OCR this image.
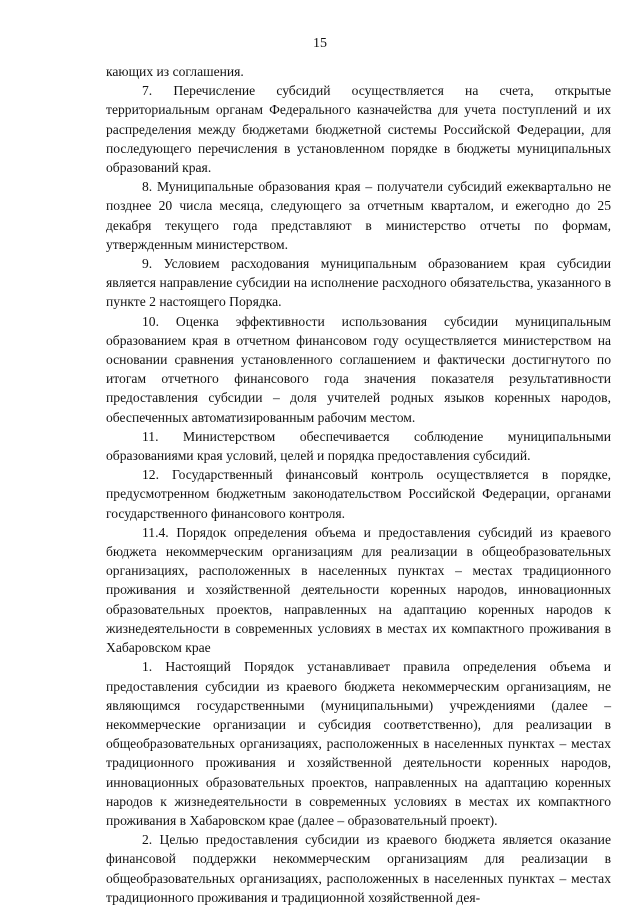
15

кающих из соглашения.

7. Перечисление субсидий осуществляется на счета, открытые территориальным органам Федерального казначейства для учета поступлений и их распределения между бюджетами бюджетной системы Российской Федерации, для последующего перечисления в установленном порядке в бюджеты муниципальных образований края.

8. Муниципальные образования края – получатели субсидий ежеквартально не позднее 20 числа месяца, следующего за отчетным кварталом, и ежегодно до 25 декабря текущего года представляют в министерство отчеты по формам, утвержденным министерством.

9. Условием расходования муниципальным образованием края субсидии является направление субсидии на исполнение расходного обязательства, указанного в пункте 2 настоящего Порядка.

10. Оценка эффективности использования субсидии муниципальным образованием края в отчетном финансовом году осуществляется министерством на основании сравнения установленного соглашением и фактически достигнутого по итогам отчетного финансового года значения показателя результативности предоставления субсидии – доля учителей родных языков коренных народов, обеспеченных автоматизированным рабочим местом.

11. Министерством обеспечивается соблюдение муниципальными образованиями края условий, целей и порядка предоставления субсидий.

12. Государственный финансовый контроль осуществляется в порядке, предусмотренном бюджетным законодательством Российской Федерации, органами государственного финансового контроля.

11.4. Порядок определения объема и предоставления субсидий из краевого бюджета некоммерческим организациям для реализации в общеобразовательных организациях, расположенных в населенных пунктах – местах традиционного проживания и хозяйственной деятельности коренных народов, инновационных образовательных проектов, направленных на адаптацию коренных народов к жизнедеятельности в современных условиях в местах их компактного проживания в Хабаровском крае

1. Настоящий Порядок устанавливает правила определения объема и предоставления субсидии из краевого бюджета некоммерческим организациям, не являющимся государственными (муниципальными) учреждениями (далее – некоммерческие организации и субсидия соответственно), для реализации в общеобразовательных организациях, расположенных в населенных пунктах – местах традиционного проживания и хозяйственной деятельности коренных народов, инновационных образовательных проектов, направленных на адаптацию коренных народов к жизнедеятельности в современных условиях в местах их компактного проживания в Хабаровском крае (далее – образовательный проект).

2. Целью предоставления субсидии из краевого бюджета является оказание финансовой поддержки некоммерческим организациям для реализации в общеобразовательных организациях, расположенных в населенных пунктах – местах традиционного проживания и традиционной хозяйственной дея-
